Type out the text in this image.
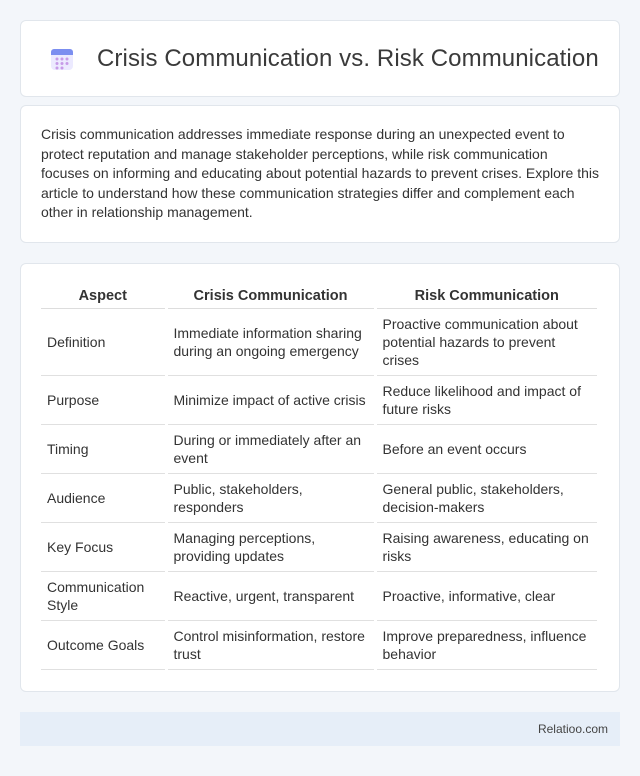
Crisis Communication vs. Risk Communication

Crisis communication addresses immediate response during an unexpected event to protect reputation and manage stakeholder perceptions, while risk communication focuses on informing and educating about potential hazards to prevent crises. Explore this article to understand how these communication strategies differ and complement each other in relationship management.

Aspect	Crisis Communication	Risk Communication
Definition	Immediate information sharing during an ongoing emergency	Proactive communication about potential hazards to prevent crises
Purpose	Minimize impact of active crisis	Reduce likelihood and impact of future risks
Timing	During or immediately after an event	Before an event occurs
Audience	Public, stakeholders, responders	General public, stakeholders, decision-makers
Key Focus	Managing perceptions, providing updates	Raising awareness, educating on risks
Communication Style	Reactive, urgent, transparent	Proactive, informative, clear
Outcome Goals	Control misinformation, restore trust	Improve preparedness, influence behavior
Relatioo.com
